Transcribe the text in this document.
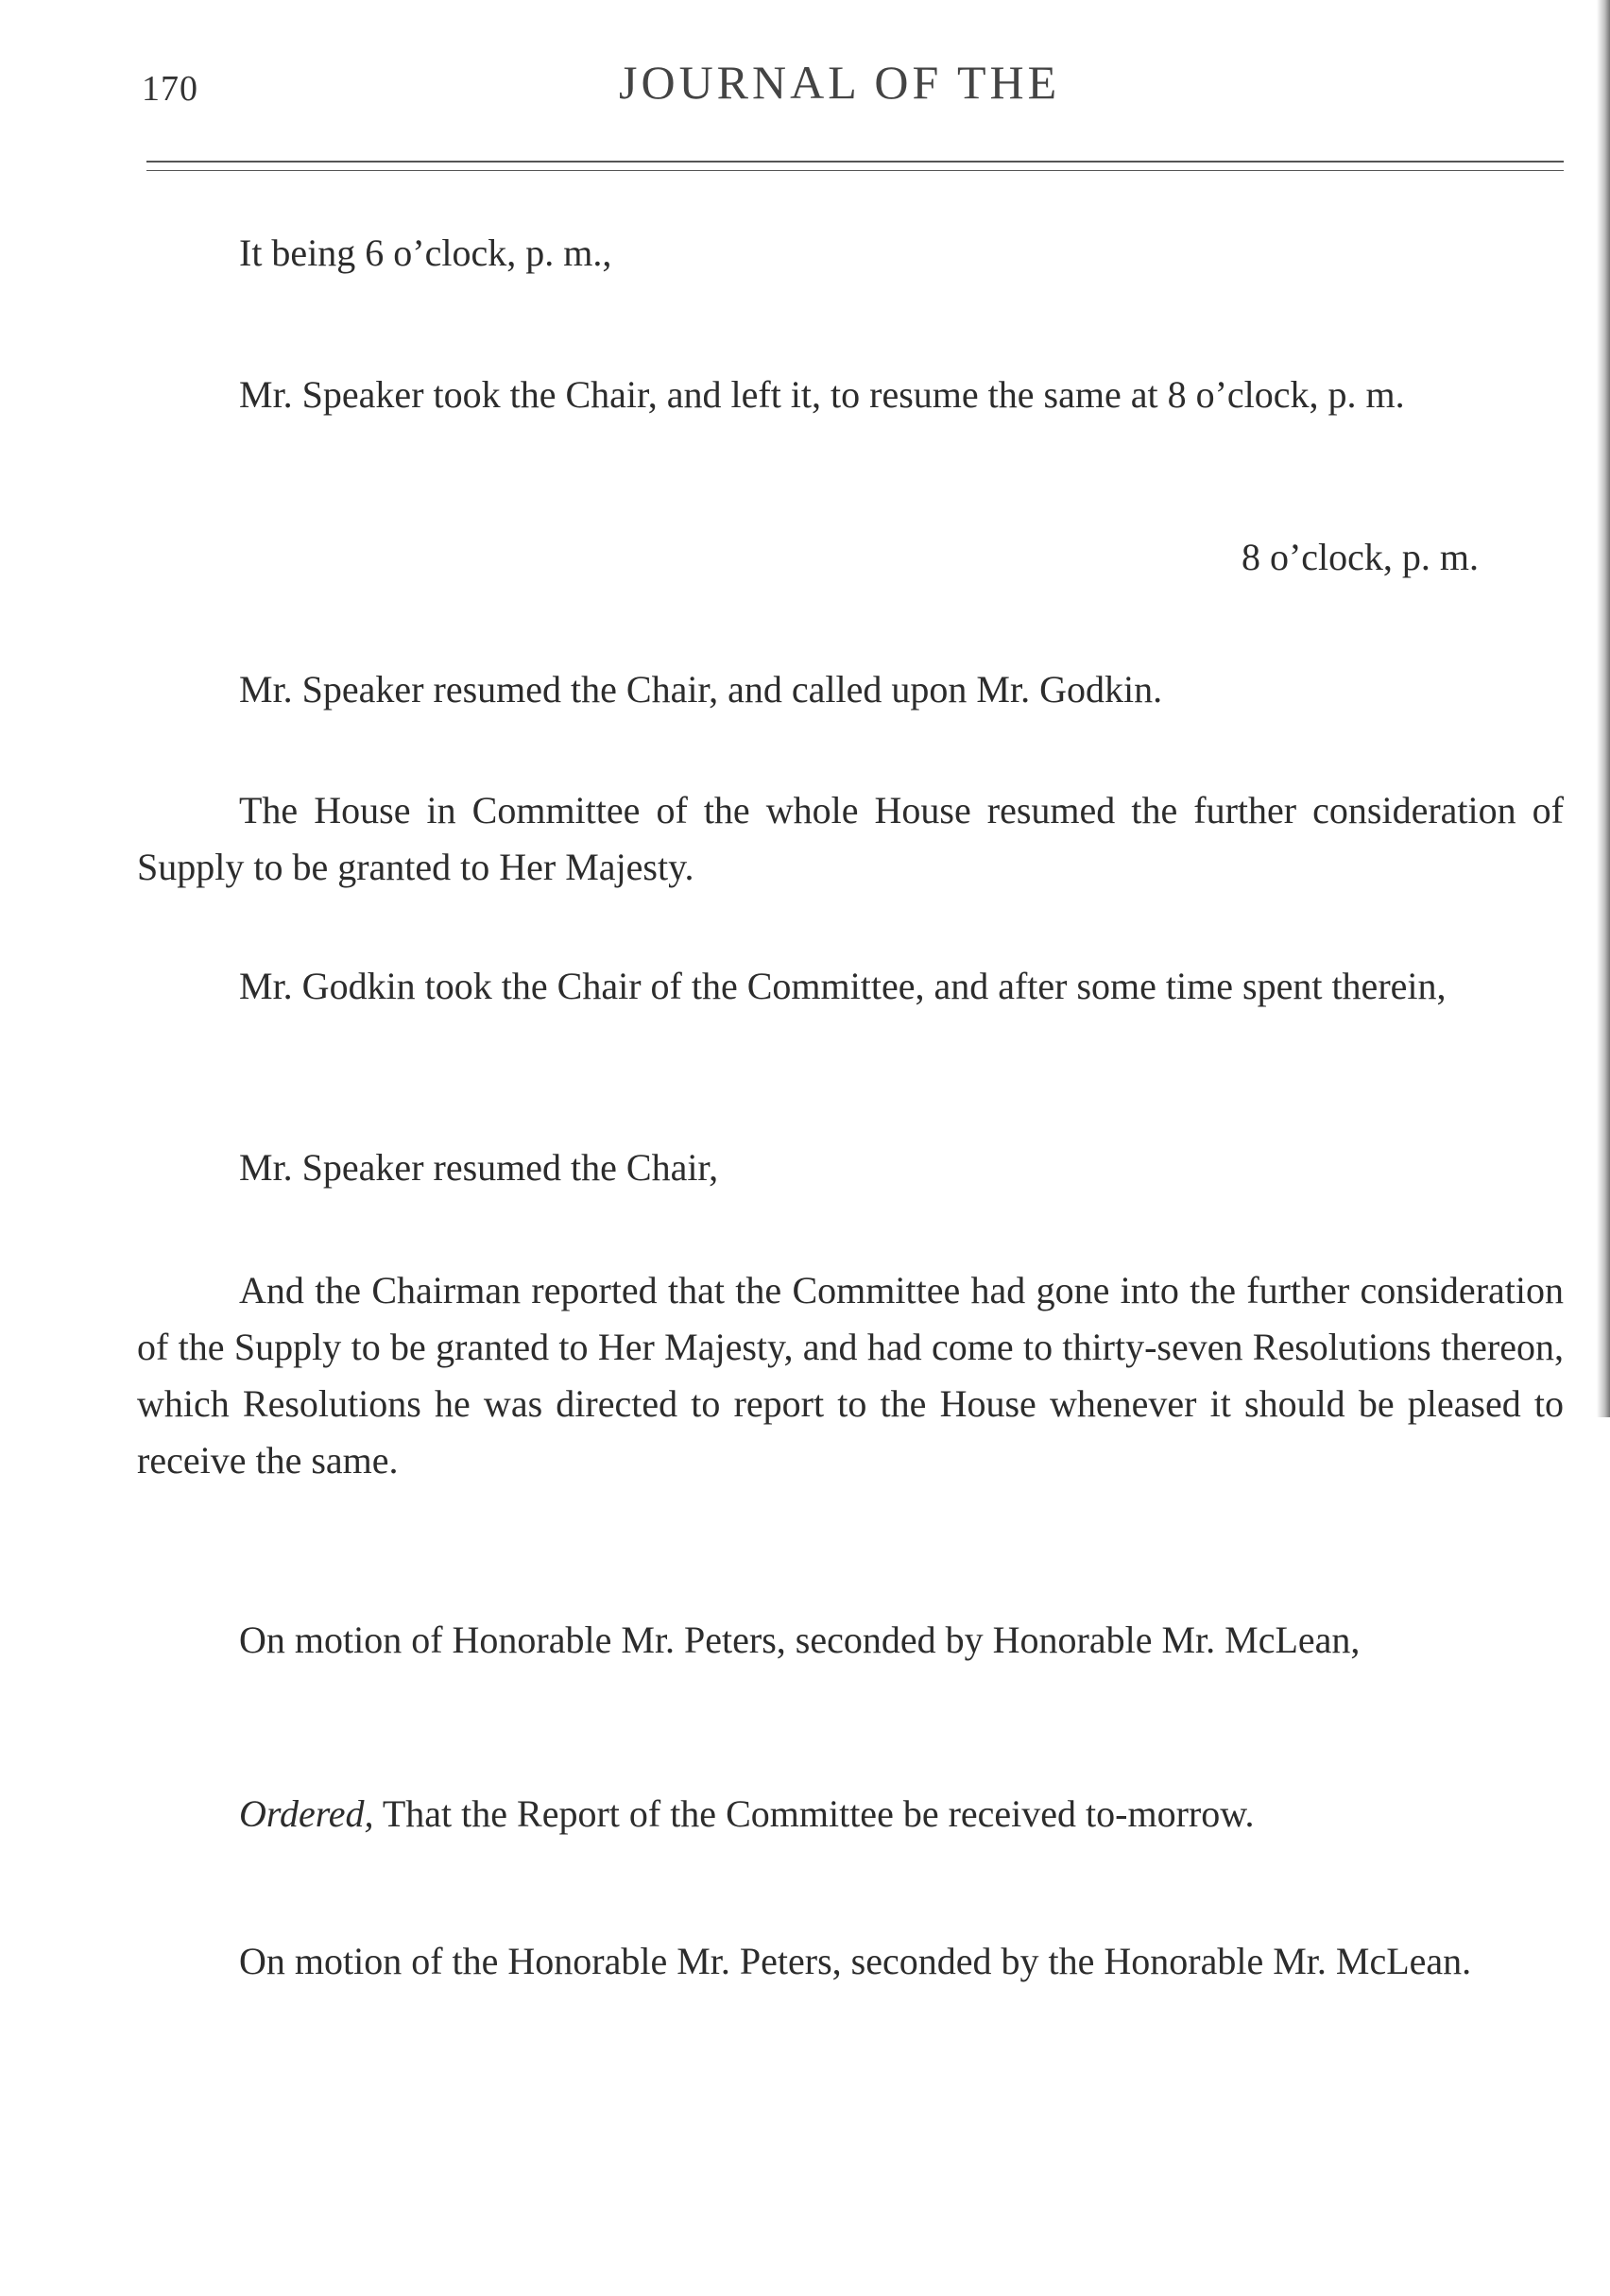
170	JOURNAL OF THE

It being 6 o’clock, p. m.,

Mr. Speaker took the Chair, and left it, to resume the same at 8 o’clock, p. m.

8 o’clock, p. m.

Mr. Speaker resumed the Chair, and called upon Mr. Godkin.

The House in Committee of the whole House resumed the further consideration of Supply to be granted to Her Majesty.

Mr. Godkin took the Chair of the Committee, and after some time spent therein,

Mr. Speaker resumed the Chair,

And the Chairman reported that the Committee had gone into the further consideration of the Supply to be granted to Her Majesty, and had come to thirty-seven Resolutions thereon, which Resolutions he was directed to report to the House whenever it should be pleased to receive the same.

On motion of Honorable Mr. Peters, seconded by Honorable Mr. McLean,

Ordered, That the Report of the Committee be received to-morrow.

On motion of the Honorable Mr. Peters, seconded by the Honorable Mr. McLean.
